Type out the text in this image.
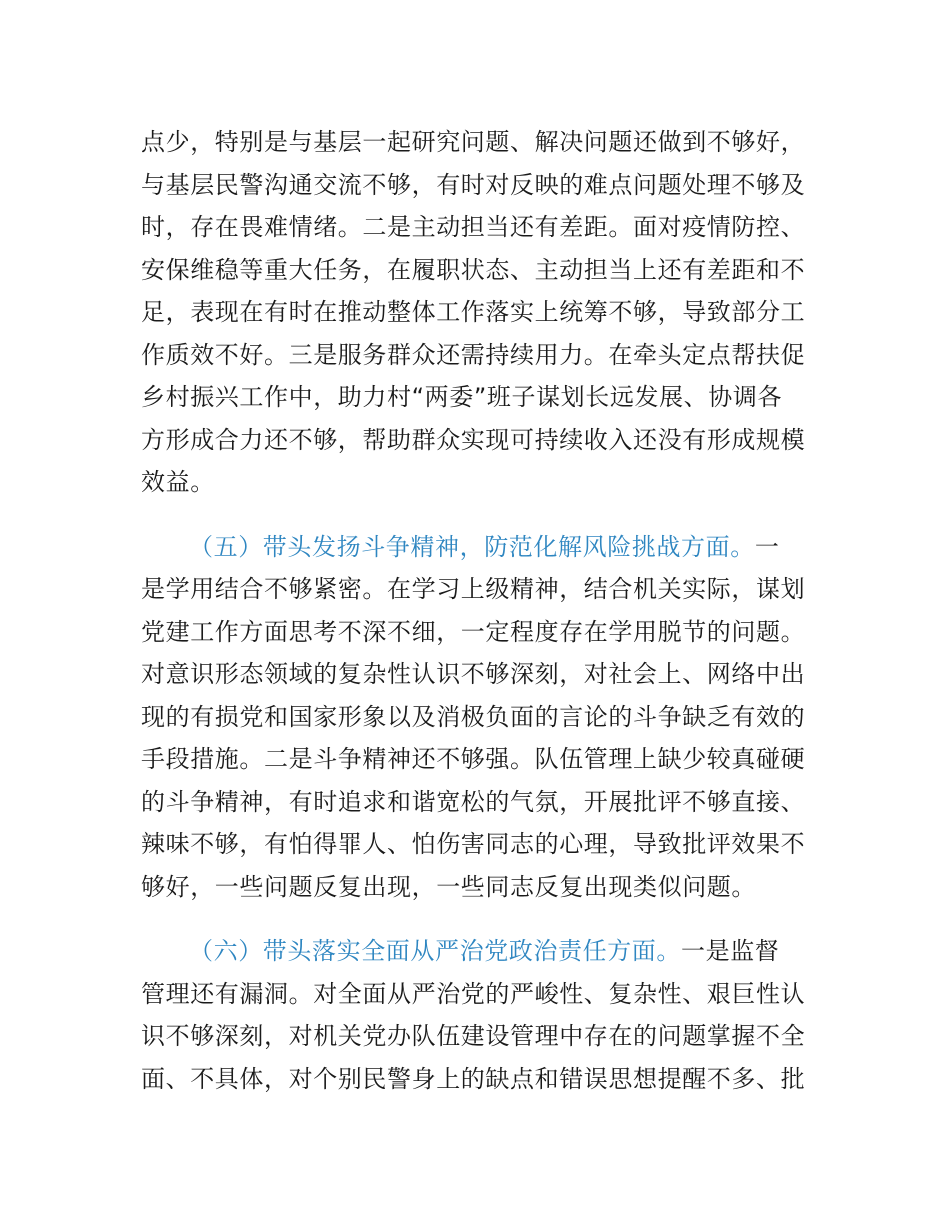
点少，特别是与基层一起研究问题、解决问题还做到不够好，
与基层民警沟通交流不够，有时对反映的难点问题处理不够及
时，存在畏难情绪。二是主动担当还有差距。面对疫情防控、
安保维稳等重大任务，在履职状态、主动担当上还有差距和不
足，表现在有时在推动整体工作落实上统筹不够，导致部分工
作质效不好。三是服务群众还需持续用力。在牵头定点帮扶促
乡村振兴工作中，助力村“两委”班子谋划长远发展、协调各
方形成合力还不够，帮助群众实现可持续收入还没有形成规模
效益。
（五）带头发扬斗争精神，防范化解风险挑战方面。一
是学用结合不够紧密。在学习上级精神，结合机关实际，谋划
党建工作方面思考不深不细，一定程度存在学用脱节的问题。
对意识形态领域的复杂性认识不够深刻，对社会上、网络中出
现的有损党和国家形象以及消极负面的言论的斗争缺乏有效的
手段措施。二是斗争精神还不够强。队伍管理上缺少较真碰硬
的斗争精神，有时追求和谐宽松的气氛，开展批评不够直接、
辣味不够，有怕得罪人、怕伤害同志的心理，导致批评效果不
够好，一些问题反复出现，一些同志反复出现类似问题。
（六）带头落实全面从严治党政治责任方面。一是监督
管理还有漏洞。对全面从严治党的严峻性、复杂性、艰巨性认
识不够深刻，对机关党办队伍建设管理中存在的问题掌握不全
面、不具体，对个别民警身上的缺点和错误思想提醒不多、批
